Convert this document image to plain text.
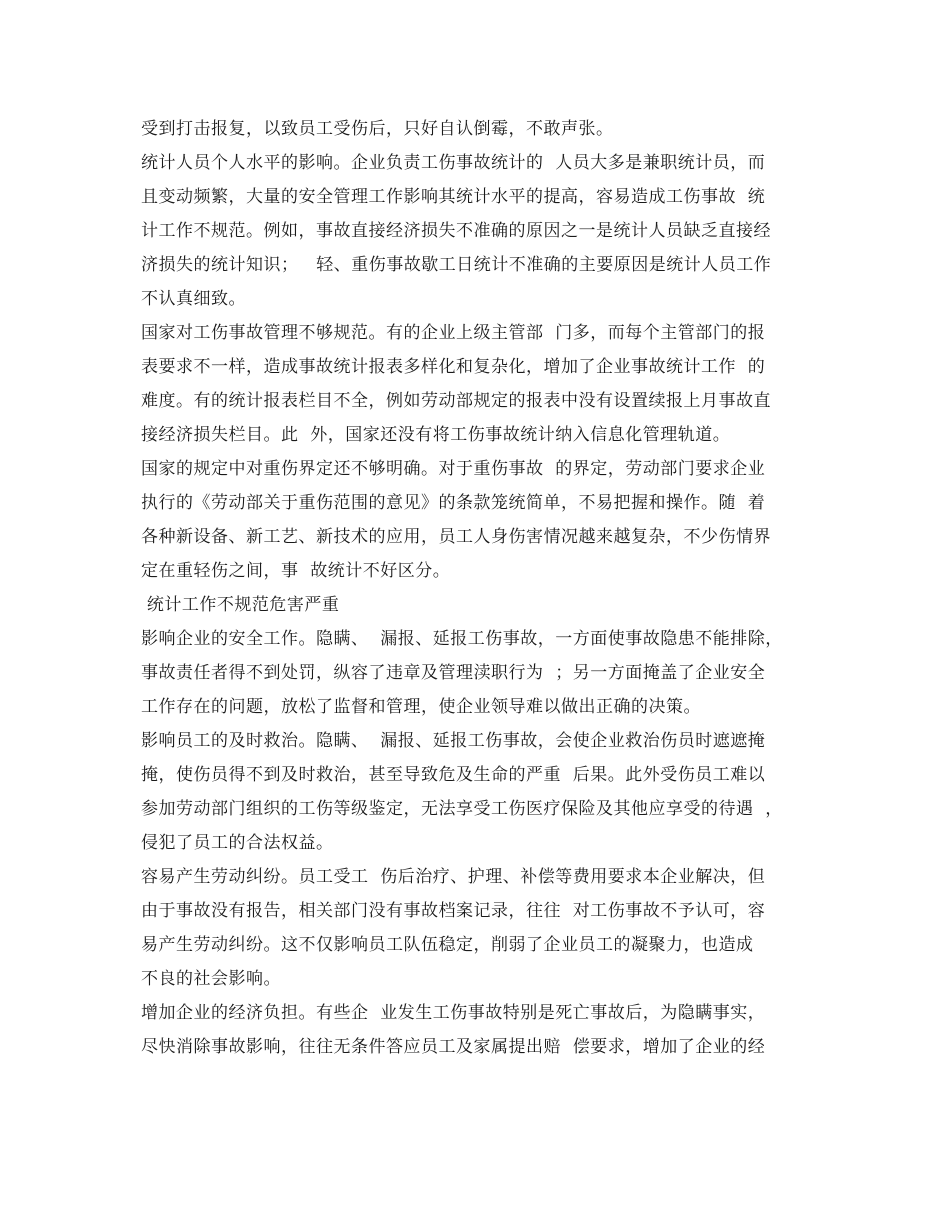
受到打击报复，以致员工受伤后，只好自认倒霉，不敢声张。
统计人员个人水平的影响。企业负责工伤事故统计的  人员大多是兼职统计员，而
且变动频繁，大量的安全管理工作影响其统计水平的提高，容易造成工伤事故  统
计工作不规范。例如，事故直接经济损失不准确的原因之一是统计人员缺乏直接经
济损失的统计知识；   轻、重伤事故歇工日统计不准确的主要原因是统计人员工作
不认真细致。
国家对工伤事故管理不够规范。有的企业上级主管部  门多，而每个主管部门的报
表要求不一样，造成事故统计报表多样化和复杂化，增加了企业事故统计工作  的
难度。有的统计报表栏目不全，例如劳动部规定的报表中没有设置续报上月事故直
接经济损失栏目。此  外，国家还没有将工伤事故统计纳入信息化管理轨道。
国家的规定中对重伤界定还不够明确。对于重伤事故  的界定，劳动部门要求企业
执行的《劳动部关于重伤范围的意见》的条款笼统简单，不易把握和操作。随  着
各种新设备、新工艺、新技术的应用，员工人身伤害情况越来越复杂，不少伤情界
定在重轻伤之间，事  故统计不好区分。
统计工作不规范危害严重
影响企业的安全工作。隐瞒、  漏报、延报工伤事故，一方面使事故隐患不能排除，
事故责任者得不到处罚，纵容了违章及管理渎职行为  ；另一方面掩盖了企业安全
工作存在的问题，放松了监督和管理，使企业领导难以做出正确的决策。
影响员工的及时救治。隐瞒、  漏报、延报工伤事故，会使企业救治伤员时遮遮掩
掩，使伤员得不到及时救治，甚至导致危及生命的严重  后果。此外受伤员工难以
参加劳动部门组织的工伤等级鉴定，无法享受工伤医疗保险及其他应享受的待遇  ，
侵犯了员工的合法权益。
容易产生劳动纠纷。员工受工  伤后治疗、护理、补偿等费用要求本企业解决，但
由于事故没有报告，相关部门没有事故档案记录，往往  对工伤事故不予认可，容
易产生劳动纠纷。这不仅影响员工队伍稳定，削弱了企业员工的凝聚力，也造成
不良的社会影响。
增加企业的经济负担。有些企  业发生工伤事故特别是死亡事故后，为隐瞒事实，
尽快消除事故影响，往往无条件答应员工及家属提出赔  偿要求，增加了企业的经
